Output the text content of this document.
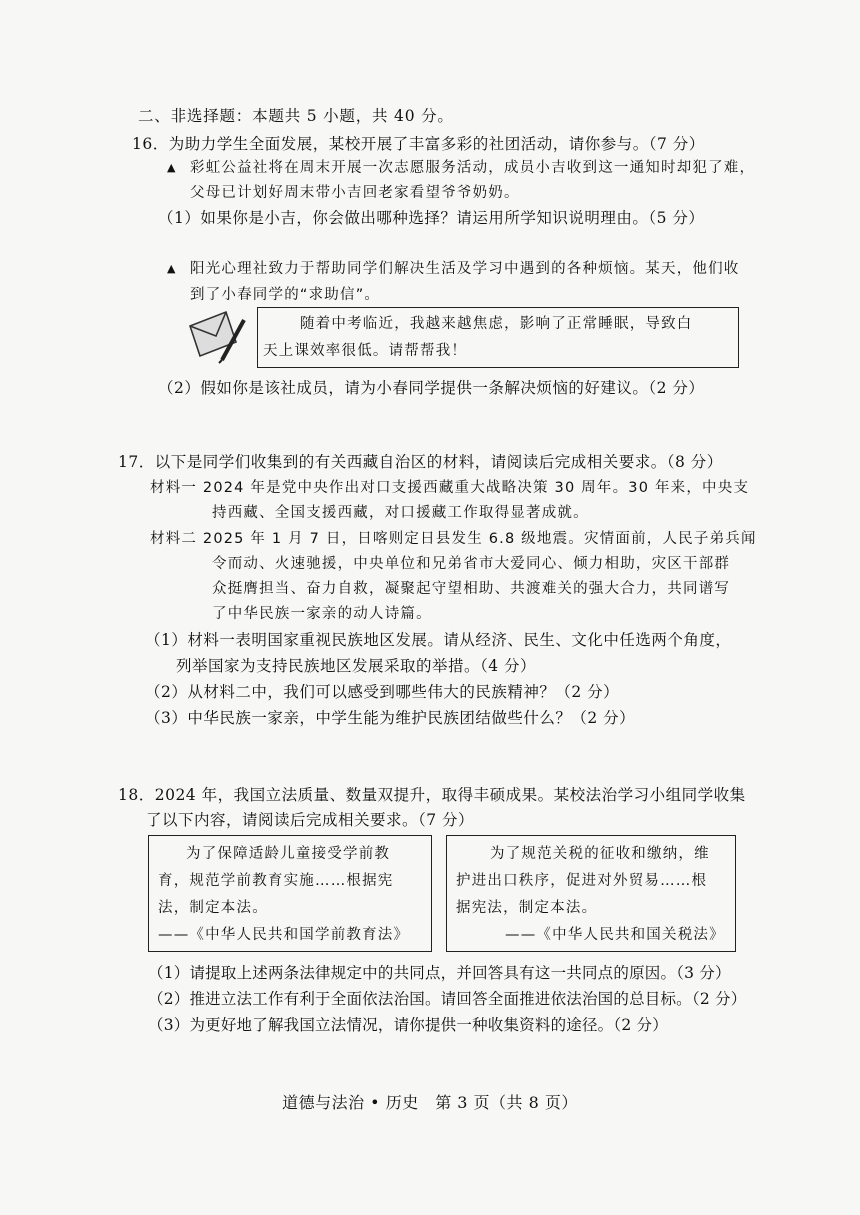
二、非选择题：本题共 5 小题，共 40 分。
16．为助力学生全面发展，某校开展了丰富多彩的社团活动，请你参与。（7 分）
▲ 彩虹公益社将在周末开展一次志愿服务活动，成员小吉收到这一通知时却犯了难，
父母已计划好周末带小吉回老家看望爷爷奶奶。
（1）如果你是小吉，你会做出哪种选择？请运用所学知识说明理由。（5 分）
▲ 阳光心理社致力于帮助同学们解决生活及学习中遇到的各种烦恼。某天，他们收
到了小春同学的“求助信”。
随着中考临近，我越来越焦虑，影响了正常睡眠，导致白
天上课效率很低。请帮帮我！
（2）假如你是该社成员，请为小春同学提供一条解决烦恼的好建议。（2 分）
17．以下是同学们收集到的有关西藏自治区的材料，请阅读后完成相关要求。（8 分）
材料一 2024 年是党中央作出对口支援西藏重大战略决策 30 周年。30 年来，中央支
持西藏、全国支援西藏，对口援藏工作取得显著成就。
材料二 2025 年 1 月 7 日，日喀则定日县发生 6.8 级地震。灾情面前，人民子弟兵闻
令而动、火速驰援，中央单位和兄弟省市大爱同心、倾力相助，灾区干部群
众挺膺担当、奋力自救，凝聚起守望相助、共渡难关的强大合力，共同谱写
了中华民族一家亲的动人诗篇。
（1）材料一表明国家重视民族地区发展。请从经济、民生、文化中任选两个角度，
列举国家为支持民族地区发展采取的举措。（4 分）
（2）从材料二中，我们可以感受到哪些伟大的民族精神？（2 分）
（3）中华民族一家亲，中学生能为维护民族团结做些什么？（2 分）
18．2024 年，我国立法质量、数量双提升，取得丰硕成果。某校法治学习小组同学收集
了以下内容，请阅读后完成相关要求。（7 分）
为了保障适龄儿童接受学前教
育，规范学前教育实施……根据宪
法，制定本法。
——《中华人民共和国学前教育法》
为了规范关税的征收和缴纳，维
护进出口秩序，促进对外贸易……根
据宪法，制定本法。
——《中华人民共和国关税法》
（1）请提取上述两条法律规定中的共同点，并回答具有这一共同点的原因。（3 分）
（2）推进立法工作有利于全面依法治国。请回答全面推进依法治国的总目标。（2 分）
（3）为更好地了解我国立法情况，请你提供一种收集资料的途径。（2 分）
道德与法治 • 历史　第 3 页（共 8 页）
